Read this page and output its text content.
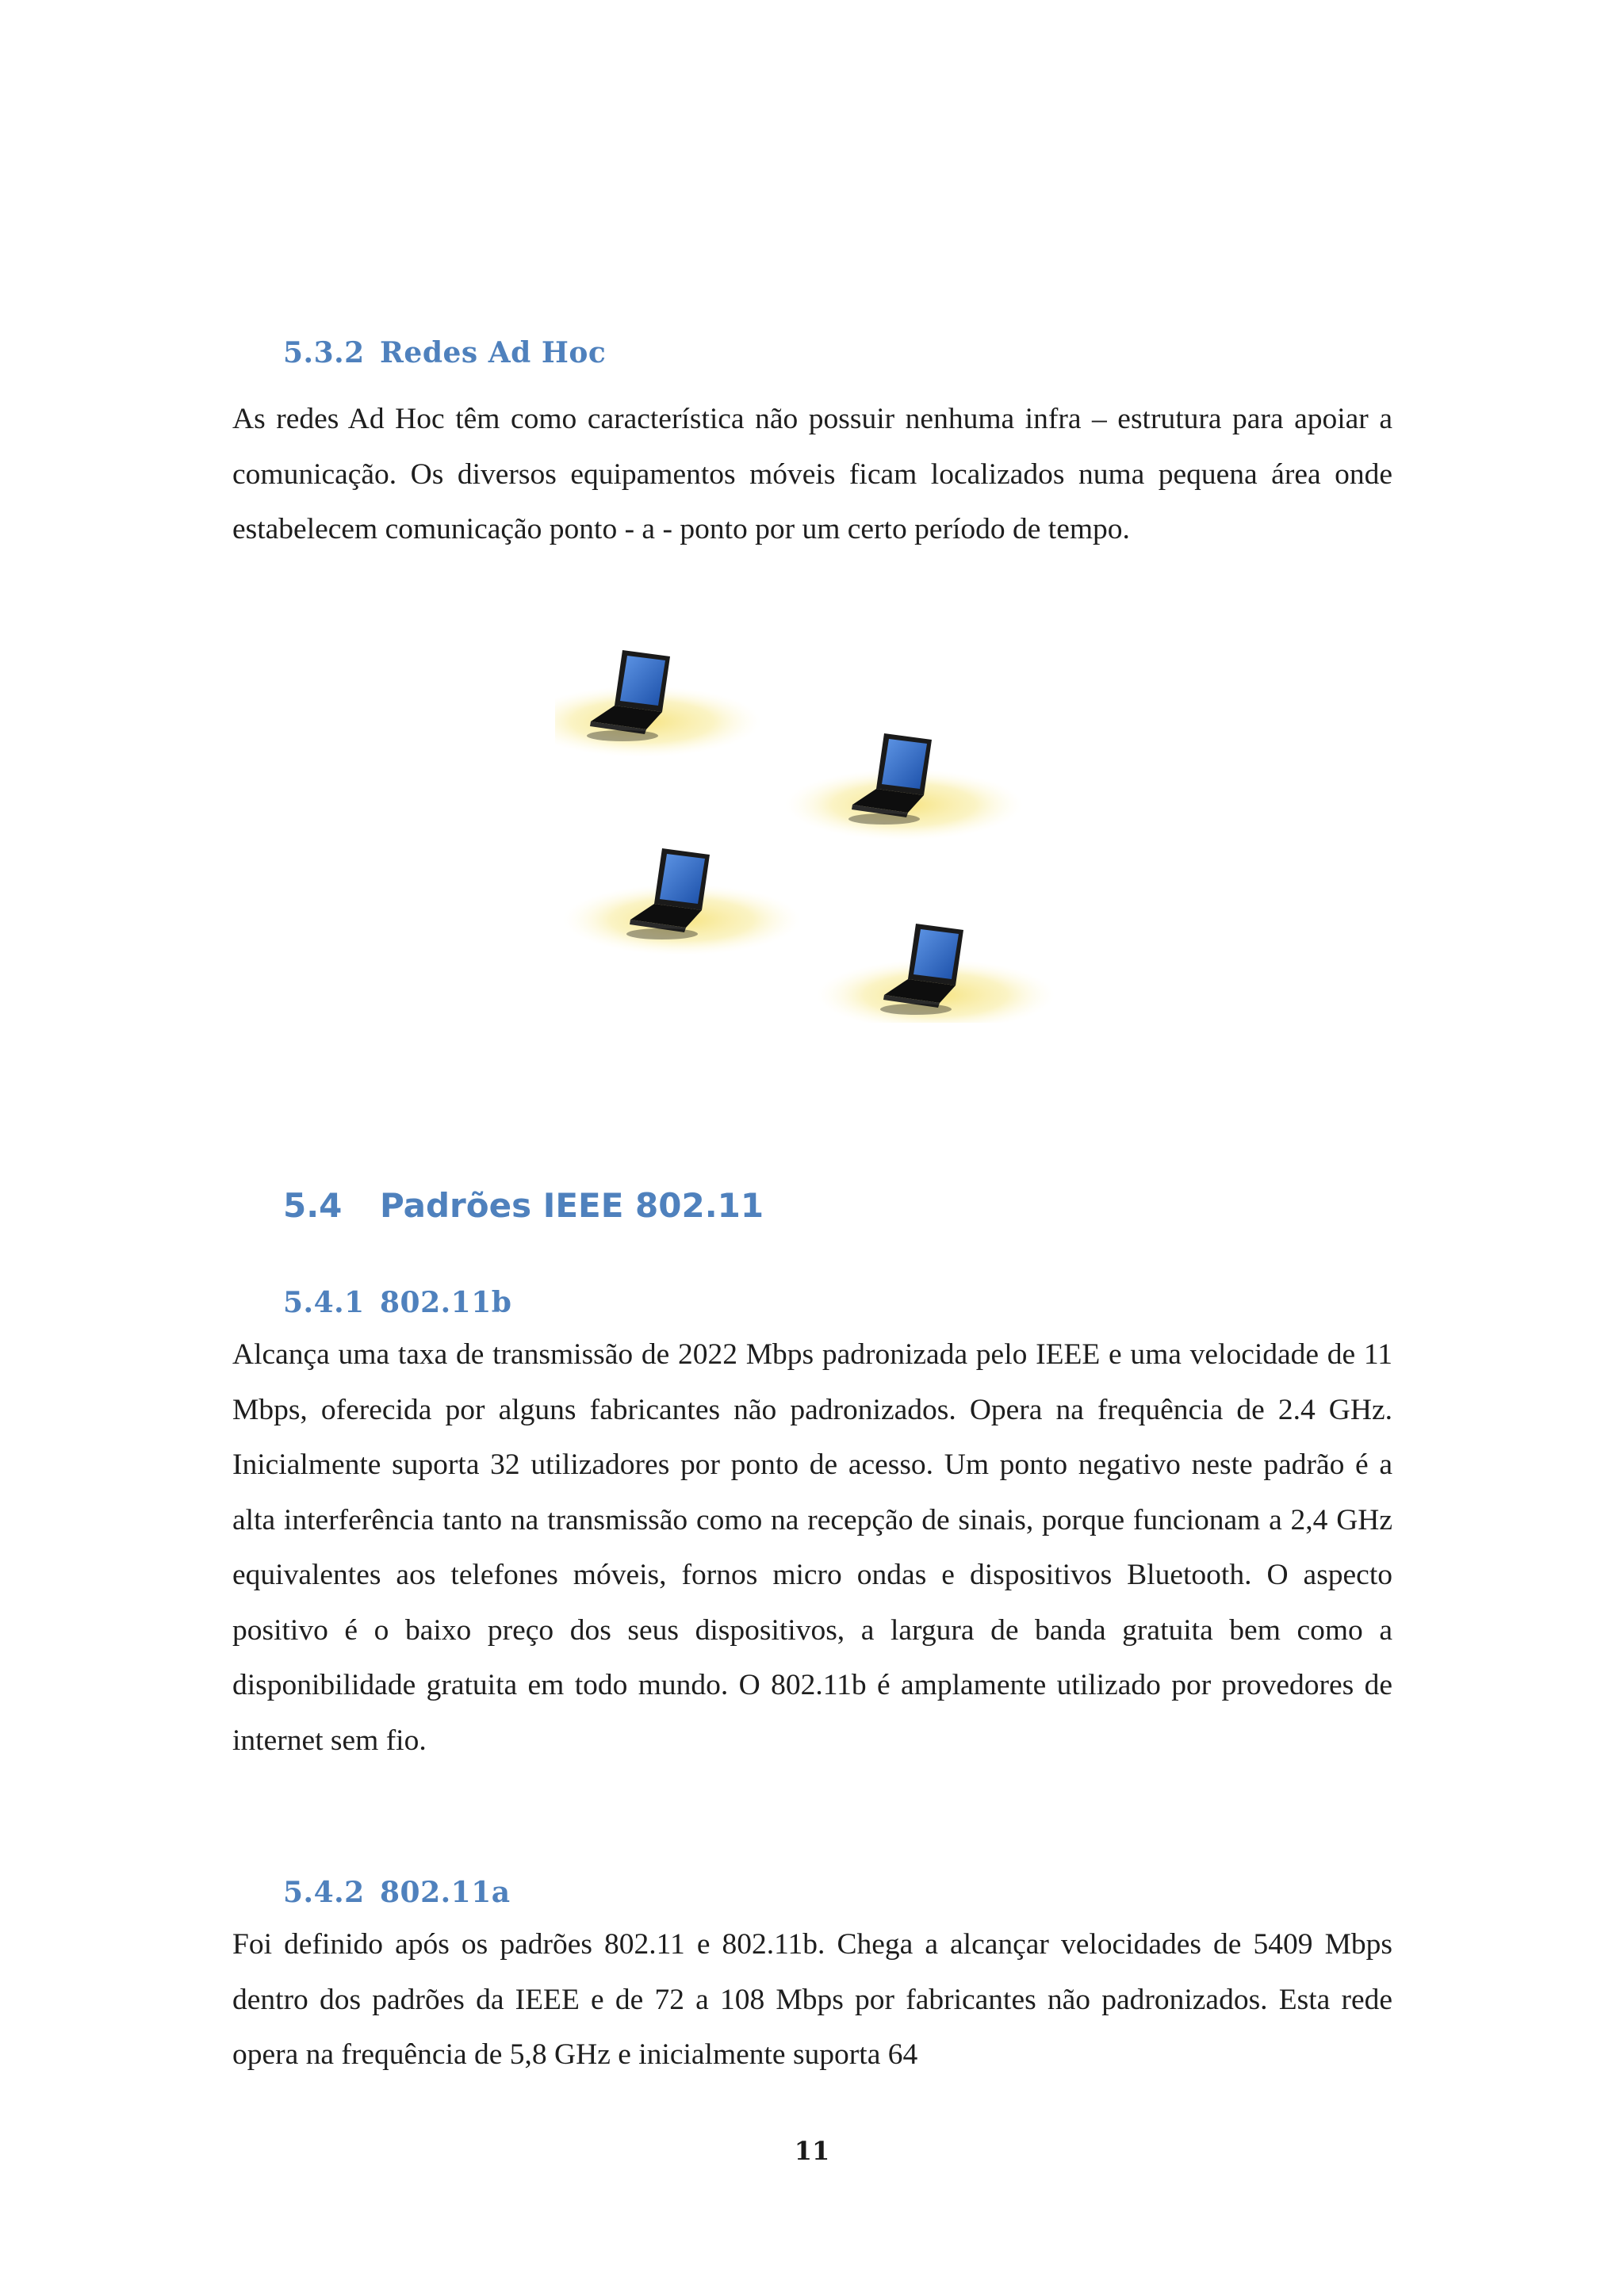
5.3.2 Redes Ad Hoc

As redes Ad Hoc têm como característica não possuir nenhuma infra – estrutura para apoiar a comunicação. Os diversos equipamentos móveis ficam localizados numa pequena área onde estabelecem comunicação ponto - a - ponto por um certo período de tempo.

5.4 Padrões IEEE 802.11
5.4.1 802.11b

Alcança uma taxa de transmissão de 2022 Mbps padronizada pelo IEEE e uma velocidade de 11 Mbps, oferecida por alguns fabricantes não padronizados. Opera na frequência de 2.4 GHz. Inicialmente suporta 32 utilizadores por ponto de acesso. Um ponto negativo neste padrão é a alta interferência tanto na transmissão como na recepção de sinais, porque funcionam a 2,4 GHz equivalentes aos telefones móveis, fornos micro ondas e dispositivos Bluetooth. O aspecto positivo é o baixo preço dos seus dispositivos, a largura de banda gratuita bem como a disponibilidade gratuita em todo mundo. O 802.11b é amplamente utilizado por provedores de internet sem fio.

5.4.2 802.11a

Foi definido após os padrões 802.11 e 802.11b. Chega a alcançar velocidades de 5409 Mbps dentro dos padrões da IEEE e de 72 a 108 Mbps por fabricantes não padronizados. Esta rede opera na frequência de 5,8 GHz e inicialmente suporta 64

11
